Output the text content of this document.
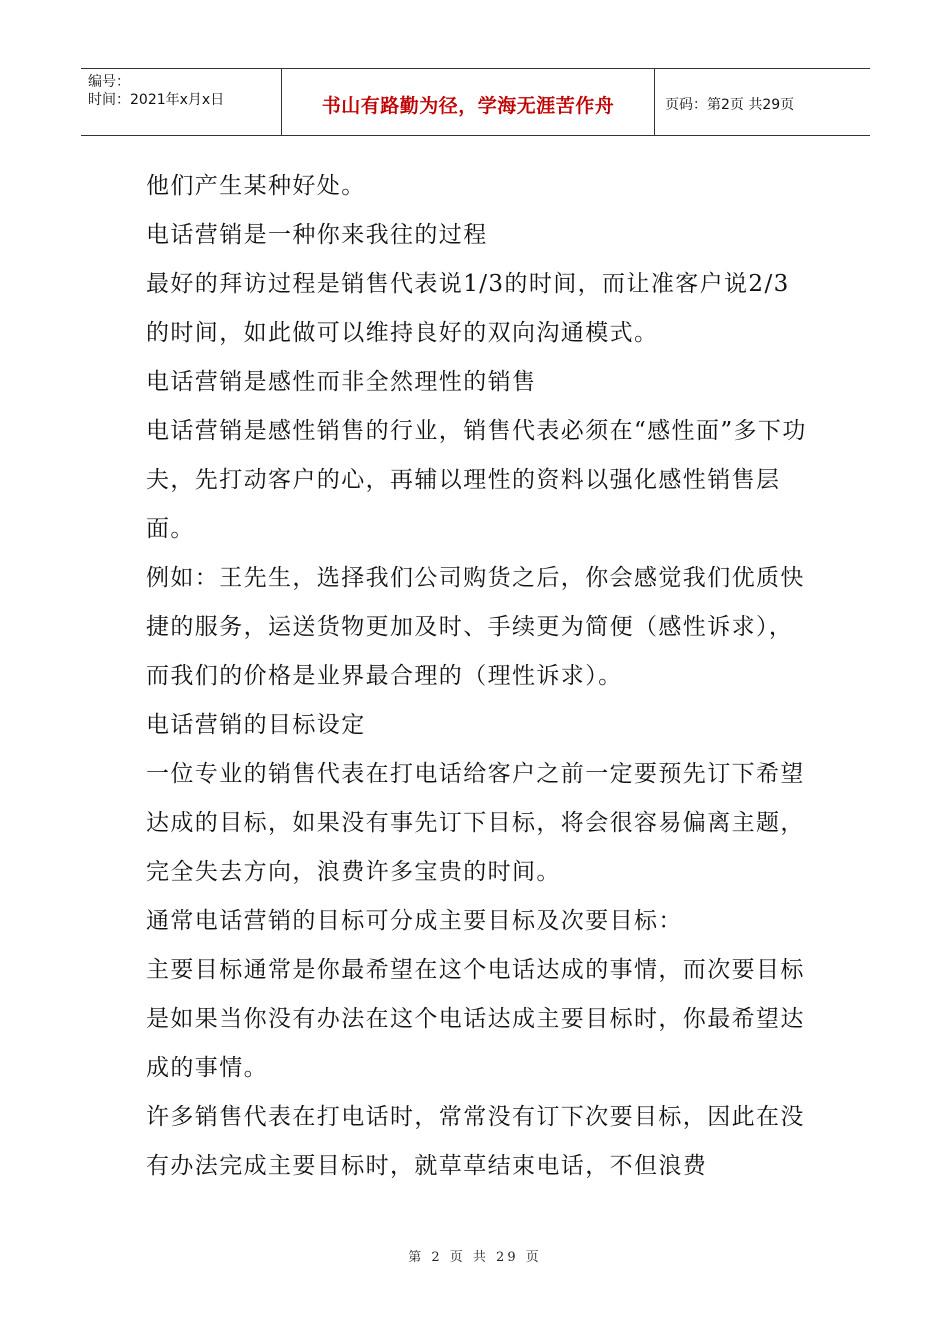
编号：
时间：2021年x月x日	书山有路勤为径，学海无涯苦作舟	页码：第2页 共29页

他们产生某种好处。

电话营销是一种你来我往的过程

最好的拜访过程是销售代表说1/3的时间，而让准客户说2/3的时间，如此做可以维持良好的双向沟通模式。

电话营销是感性而非全然理性的销售

电话营销是感性销售的行业，销售代表必须在“感性面”多下功夫，先打动客户的心，再辅以理性的资料以强化感性销售层面。

例如：王先生，选择我们公司购货之后，你会感觉我们优质快捷的服务，运送货物更加及时、手续更为简便（感性诉求），而我们的价格是业界最合理的（理性诉求）。

电话营销的目标设定

一位专业的销售代表在打电话给客户之前一定要预先订下希望达成的目标，如果没有事先订下目标，将会很容易偏离主题，完全失去方向，浪费许多宝贵的时间。

通常电话营销的目标可分成主要目标及次要目标：

主要目标通常是你最希望在这个电话达成的事情，而次要目标是如果当你没有办法在这个电话达成主要目标时，你最希望达成的事情。

许多销售代表在打电话时，常常没有订下次要目标，因此在没有办法完成主要目标时，就草草结束电话，不但浪费

第 2 页 共 29 页
